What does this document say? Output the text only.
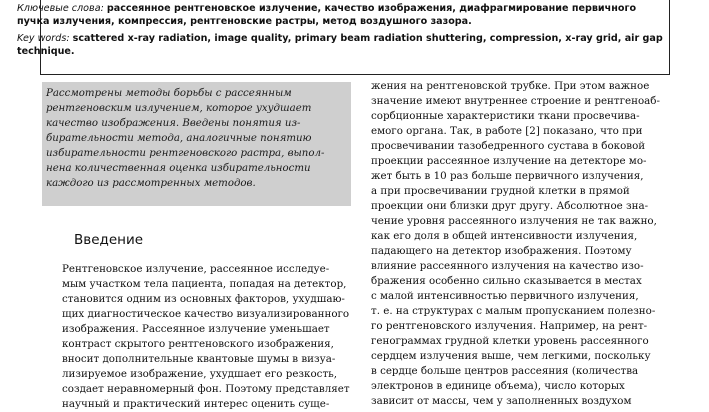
Ключевые слова: рассеянное рентгеновское излучение, качество изображения, диафрагмирование первичного
пучка излучения, компрессия, рентгеновские растры, метод воздушного зазора.
Key words: scattered x-ray radiation, image quality, primary beam radiation shuttering, compression, x-ray grid, air gap
technique.
Рассмотрены методы борьбы с рассеянным
рентгеновским излучением, которое ухудшает
качество изображения. Введены понятия из-
бирательности метода, аналогичные понятию
избирательности рентгеновского растра, выпол-
нена количественная оценка избирательности
каждого из рассмотренных методов.
Введение
Рентгеновское излучение, рассеянное исследуе-
мым участком тела пациента, попадая на детектор,
становится одним из основных факторов, ухудшаю-
щих диагностическое качество визуализированного
изображения. Рассеянное излучение уменьшает
контраст скрытого рентгеновского изображения,
вносит дополнительные квантовые шумы в визуа-
лизируемое изображение, ухудшает его резкость,
создает неравномерный фон. Поэтому представляет
научный и практический интерес оценить суще-
жения на рентгеновской трубке. При этом важное
значение имеют внутреннее строение и рентгеноаб-
сорбционные характеристики ткани просвечива-
емого органа. Так, в работе [2] показано, что при
просвечивании тазобедренного сустава в боковой
проекции рассеянное излучение на детекторе мо-
жет быть в 10 раз больше первичного излучения,
а при просвечивании грудной клетки в прямой
проекции они близки друг другу. Абсолютное зна-
чение уровня рассеянного излучения не так важно,
как его доля в общей интенсивности излучения,
падающего на детектор изображения. Поэтому
влияние рассеянного излучения на качество изо-
бражения особенно сильно сказывается в местах
с малой интенсивностью первичного излучения,
т. е. на структурах с малым пропусканием полезно-
го рентгеновского излучения. Например, на рент-
генограммах грудной клетки уровень рассеянного
сердцем излучения выше, чем легкими, поскольку
в сердце больше центров рассеяния (количества
электронов в единице объема), число которых
зависит от массы, чем у заполненных воздухом
